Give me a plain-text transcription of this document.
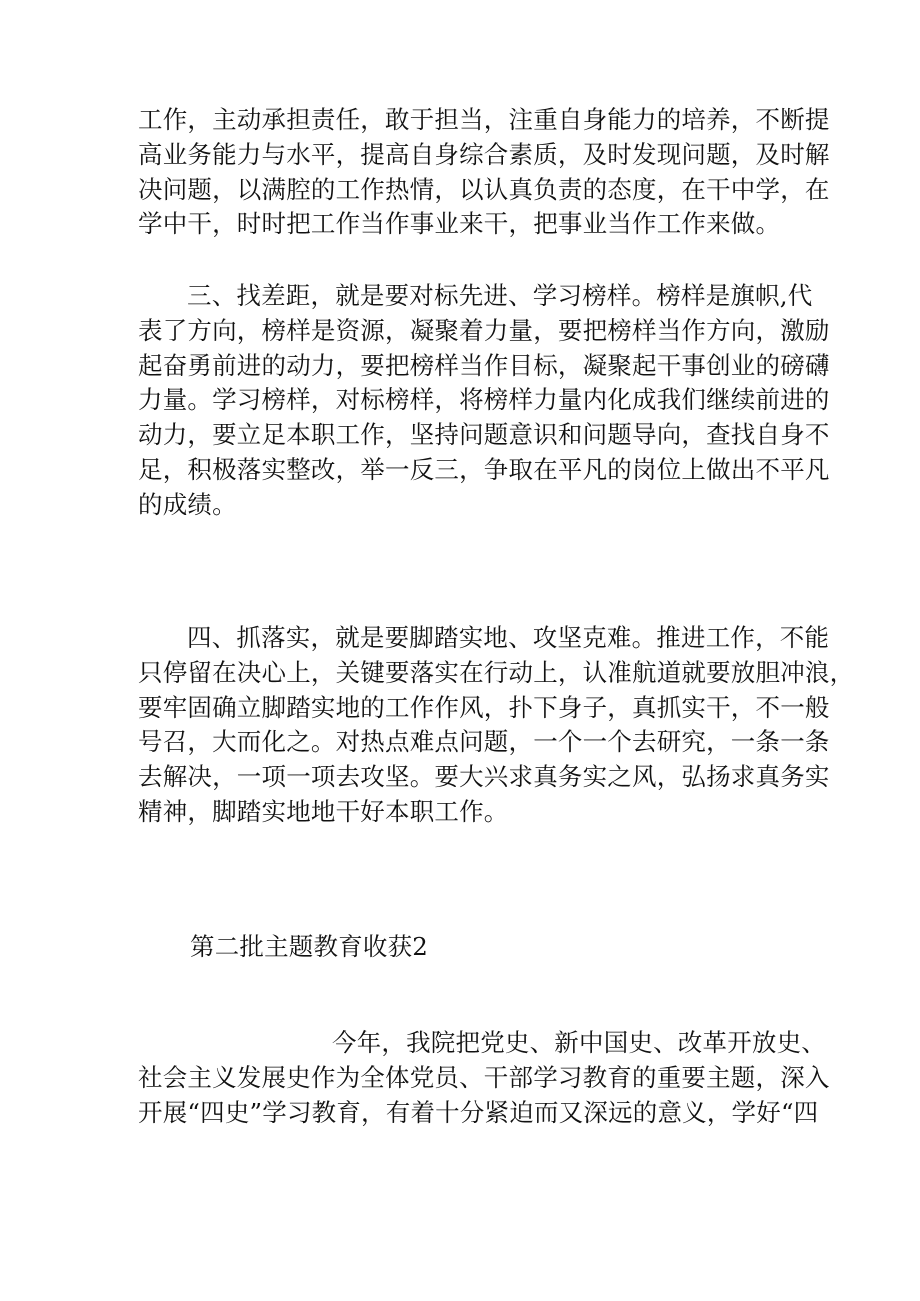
工作，主动承担责任，敢于担当，注重自身能力的培养，不断提
高业务能力与水平，提高自身综合素质，及时发现问题，及时解
决问题，以满腔的工作热情，以认真负责的态度，在干中学，在
学中干，时时把工作当作事业来干，把事业当作工作来做。
三、找差距，就是要对标先进、学习榜样。榜样是旗帜,代
表了方向，榜样是资源，凝聚着力量，要把榜样当作方向，激励
起奋勇前进的动力，要把榜样当作目标，凝聚起干事创业的磅礴
力量。学习榜样，对标榜样，将榜样力量内化成我们继续前进的
动力，要立足本职工作，坚持问题意识和问题导向，查找自身不
足，积极落实整改，举一反三，争取在平凡的岗位上做出不平凡
的成绩。
四、抓落实，就是要脚踏实地、攻坚克难。推进工作，不能
只停留在决心上，关键要落实在行动上，认准航道就要放胆冲浪，
要牢固确立脚踏实地的工作作风，扑下身子，真抓实干，不一般
号召，大而化之。对热点难点问题，一个一个去研究，一条一条
去解决，一项一项去攻坚。要大兴求真务实之风，弘扬求真务实
精神，脚踏实地地干好本职工作。
第二批主题教育收获2
今年，我院把党史、新中国史、改革开放史、
社会主义发展史作为全体党员、干部学习教育的重要主题，深入
开展“四史”学习教育，有着十分紧迫而又深远的意义，学好“四
